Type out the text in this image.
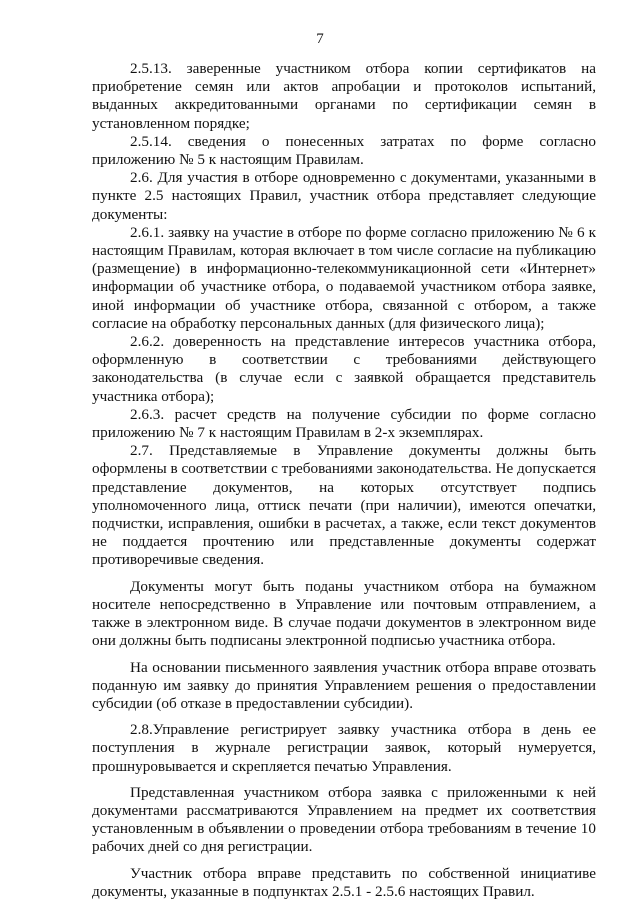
7

2.5.13. заверенные участником отбора копии сертификатов на приобретение семян или актов апробации и протоколов испытаний, выданных аккредитованными органами по сертификации семян в установленном порядке;

2.5.14. сведения о понесенных затратах по форме согласно приложению № 5 к настоящим Правилам.

2.6. Для участия в отборе одновременно с документами, указанными в пункте 2.5 настоящих Правил, участник отбора представляет следующие документы:

2.6.1. заявку на участие в отборе по форме согласно приложению № 6 к настоящим Правилам, которая включает в том числе согласие на публикацию (размещение) в информационно-телекоммуникационной сети «Интернет» информации об участнике отбора, о подаваемой участником отбора заявке, иной информации об участнике отбора, связанной с отбором, а также согласие на обработку персональных данных (для физического лица);

2.6.2. доверенность на представление интересов участника отбора, оформленную в соответствии с требованиями действующего законодательства (в случае если с заявкой обращается представитель участника отбора);

2.6.3. расчет средств на получение субсидии по форме согласно приложению № 7 к настоящим Правилам в 2-х экземплярах.

2.7. Представляемые в Управление документы должны быть оформлены в соответствии с требованиями законодательства. Не допускается представление документов, на которых отсутствует подпись уполномоченного лица, оттиск печати (при наличии), имеются опечатки, подчистки, исправления, ошибки в расчетах, а также, если текст документов не поддается прочтению или представленные документы содержат противоречивые сведения.

Документы могут быть поданы участником отбора на бумажном носителе непосредственно в Управление или почтовым отправлением, а также в электронном виде. В случае подачи документов в электронном виде они должны быть подписаны электронной подписью участника отбора.

На основании письменного заявления участник отбора вправе отозвать поданную им заявку до принятия Управлением решения о предоставлении субсидии (об отказе в предоставлении субсидии).

2.8.Управление регистрирует заявку участника отбора в день ее поступления в журнале регистрации заявок, который нумеруется, прошнуровывается и скрепляется печатью Управления.

Представленная участником отбора заявка с приложенными к ней документами рассматриваются Управлением на предмет их соответствия установленным в объявлении о проведении отбора требованиям в течение 10 рабочих дней со дня регистрации.

Участник отбора вправе представить по собственной инициативе документы, указанные в подпунктах 2.5.1 - 2.5.6 настоящих Правил.
